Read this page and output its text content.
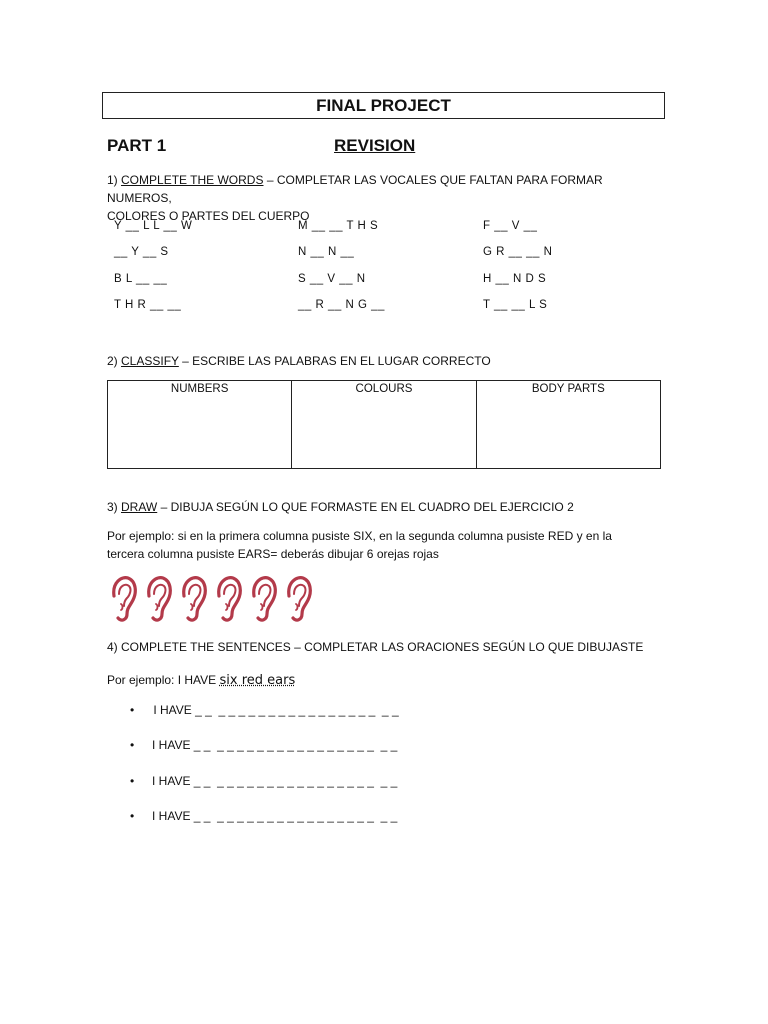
FINAL PROJECT
PART 1	REVISION
1) COMPLETE THE WORDS – COMPLETAR LAS VOCALES QUE FALTAN PARA FORMAR NUMEROS,
COLORES O PARTES DEL CUERPO
Y __ L L __ W	M __ __ T H S	F __ V __
__ Y __ S	N __ N __	G R __ __ N
B L __ __	S __ V __ N	H __ N D S
T H R __ __	__ R __ N G __	T __ __ L S
2) CLASSIFY – ESCRIBE LAS PALABRAS EN EL LUGAR CORRECTO
NUMBERS	COLOURS	BODY PARTS
3) DRAW – DIBUJA SEGÚN LO QUE FORMASTE EN EL CUADRO DEL EJERCICIO 2
Por ejemplo: si en la primera columna pusiste SIX, en la segunda columna pusiste RED y en la
tercera columna pusiste EARS= deberás dibujar 6 orejas rojas
4) COMPLETE THE SENTENCES – COMPLETAR LAS ORACIONES SEGÚN LO QUE DIBUJASTE
Por ejemplo: I HAVE six red ears
• I HAVE _ _  _ _ _ _ _ _ _ _ _ _ _ _ _ _ _ _  _ _
• I HAVE _ _  _ _ _ _ _ _ _ _ _ _ _ _ _ _ _ _  _ _
• I HAVE _ _  _ _ _ _ _ _ _ _ _ _ _ _ _ _ _ _  _ _
• I HAVE _ _  _ _ _ _ _ _ _ _ _ _ _ _ _ _ _ _  _ _
